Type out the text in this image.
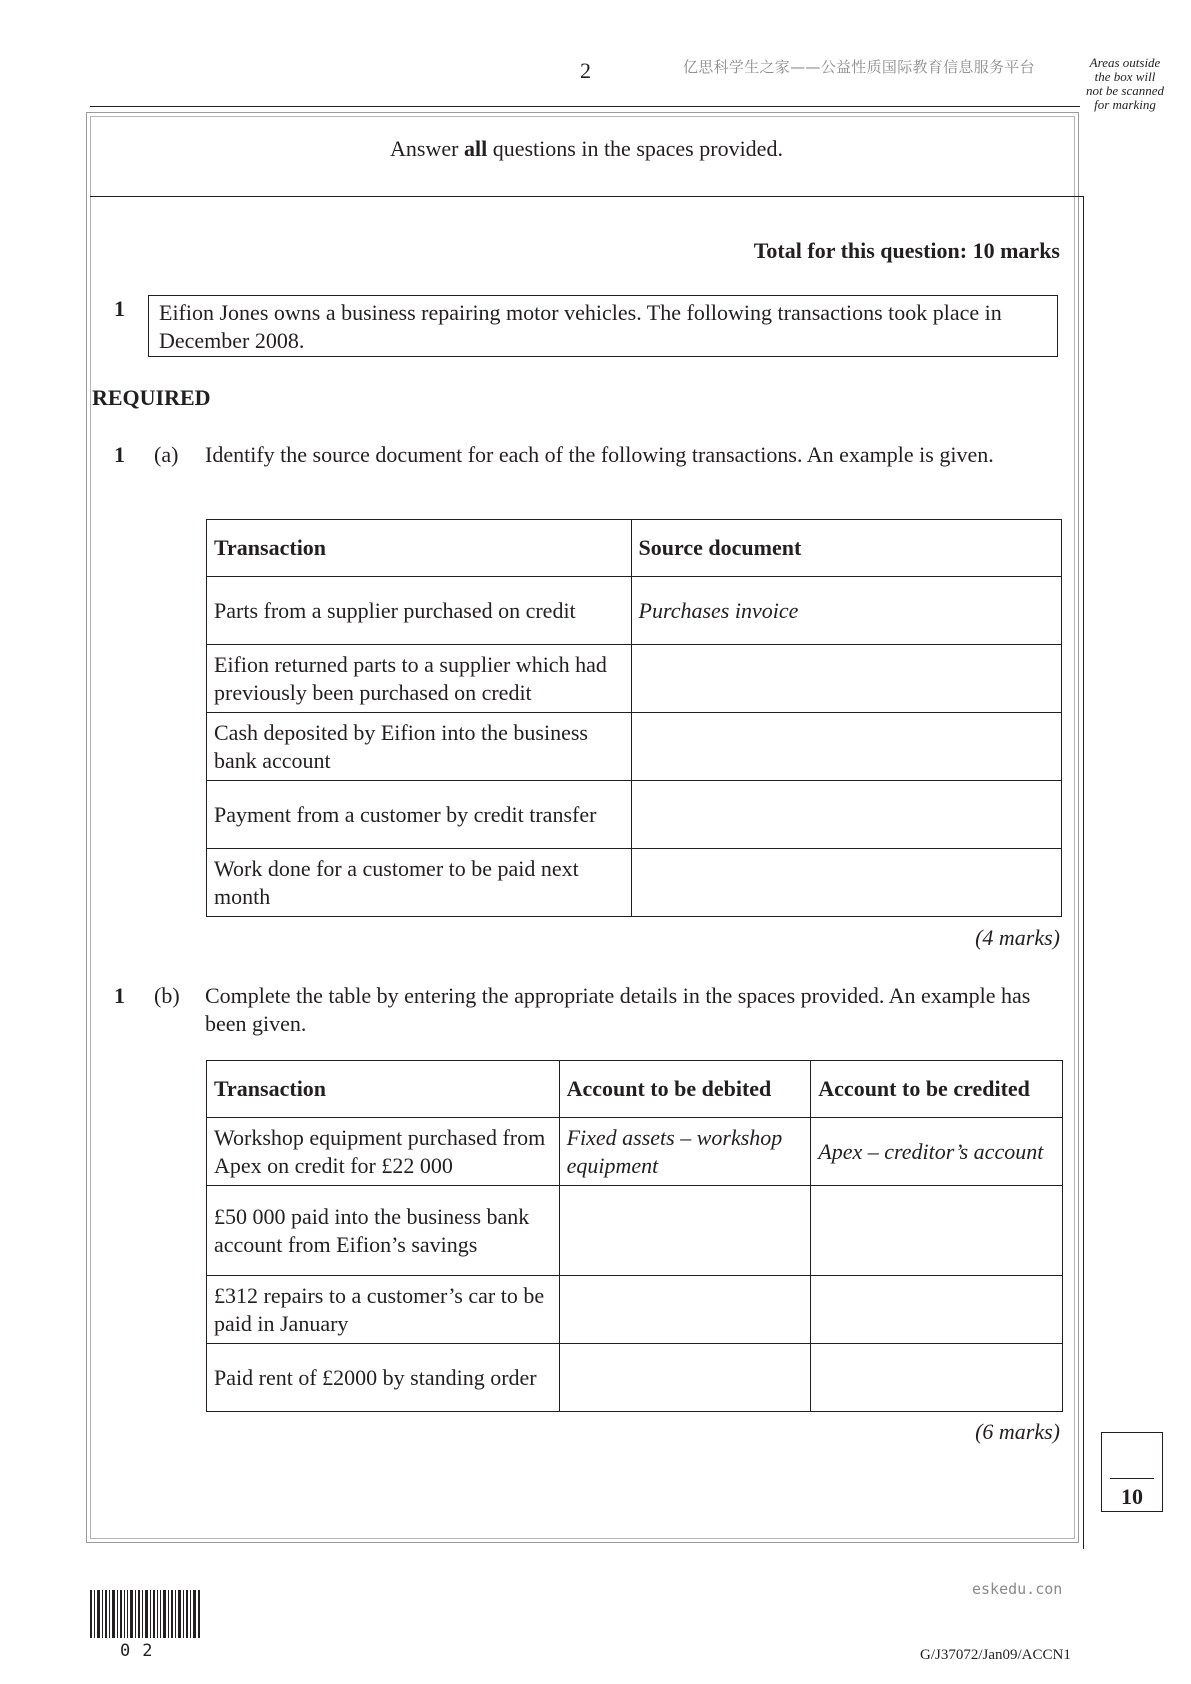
2	亿思科学生之家——公益性质国际教育信息服务平台	Areas outside
the box will
not be scanned
for marking
Answer all questions in the spaces provided.
Total for this question: 10 marks
1	Eifion Jones owns a business repairing motor vehicles. The following transactions took place in December 2008.
REQUIRED
1 (a) Identify the source document for each of the following transactions. An example is given.
Transaction	Source document
Parts from a supplier purchased on credit	Purchases invoice
Eifion returned parts to a supplier which had previously been purchased on credit	
Cash deposited by Eifion into the business bank account	
Payment from a customer by credit transfer	
Work done for a customer to be paid next month	
(4 marks)
1 (b) Complete the table by entering the appropriate details in the spaces provided. An example has been given.
Transaction	Account to be debited	Account to be credited
Workshop equipment purchased from Apex on credit for £22 000	Fixed assets – workshop equipment	Apex – creditor’s account
£50 000 paid into the business bank account from Eifion’s savings		
£312 repairs to a customer’s car to be paid in January		
Paid rent of £2000 by standing order		
(6 marks)
10
02
eskedu.con
G/J37072/Jan09/ACCN1
